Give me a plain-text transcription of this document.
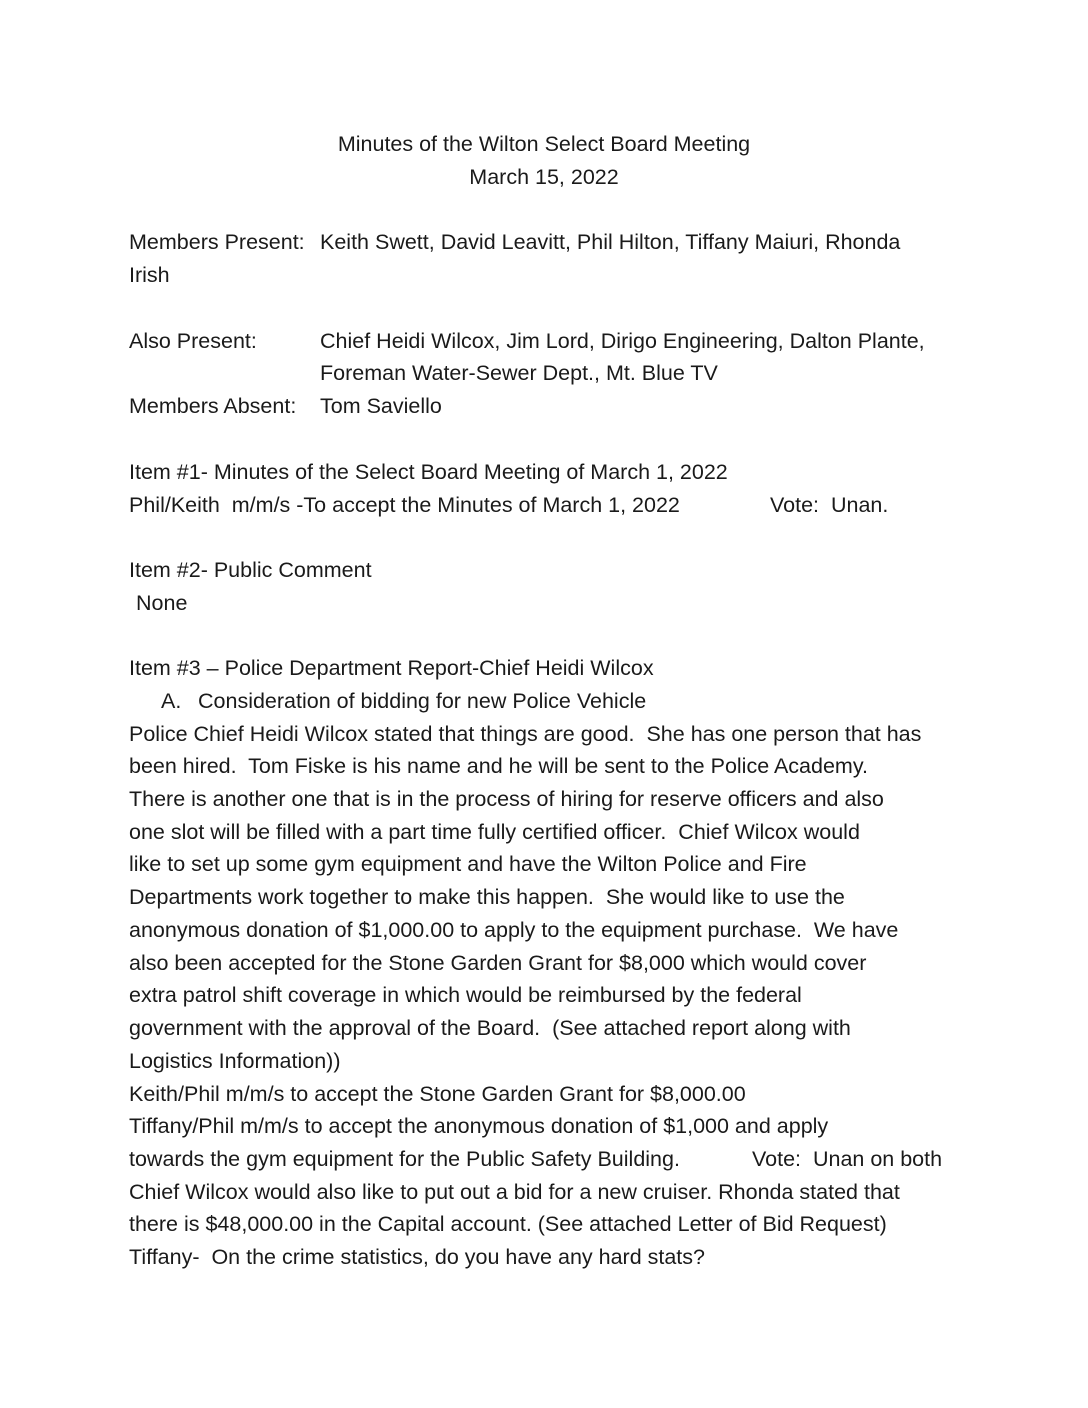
Minutes of the Wilton Select Board Meeting
March 15, 2022
Members Present: Keith Swett, David Leavitt, Phil Hilton, Tiffany Maiuri, Rhonda
Irish
Also Present:	Chief Heidi Wilcox, Jim Lord, Dirigo Engineering, Dalton Plante,
Foreman Water-Sewer Dept., Mt. Blue TV
Members Absent: Tom Saviello
Item #1- Minutes of the Select Board Meeting of March 1, 2022
Phil/Keith  m/m/s -To accept the Minutes of March 1, 2022	Vote:  Unan.
Item #2- Public Comment
None
Item #3 – Police Department Report-Chief Heidi Wilcox
A. Consideration of bidding for new Police Vehicle
Police Chief Heidi Wilcox stated that things are good.  She has one person that has
been hired.  Tom Fiske is his name and he will be sent to the Police Academy.
There is another one that is in the process of hiring for reserve officers and also
one slot will be filled with a part time fully certified officer.  Chief Wilcox would
like to set up some gym equipment and have the Wilton Police and Fire
Departments work together to make this happen.  She would like to use the
anonymous donation of $1,000.00 to apply to the equipment purchase.  We have
also been accepted for the Stone Garden Grant for $8,000 which would cover
extra patrol shift coverage in which would be reimbursed by the federal
government with the approval of the Board.  (See attached report along with
Logistics Information))
Keith/Phil m/m/s to accept the Stone Garden Grant for $8,000.00
Tiffany/Phil m/m/s to accept the anonymous donation of $1,000 and apply
towards the gym equipment for the Public Safety Building.	Vote:  Unan on both
Chief Wilcox would also like to put out a bid for a new cruiser. Rhonda stated that
there is $48,000.00 in the Capital account. (See attached Letter of Bid Request)
Tiffany-  On the crime statistics, do you have any hard stats?
